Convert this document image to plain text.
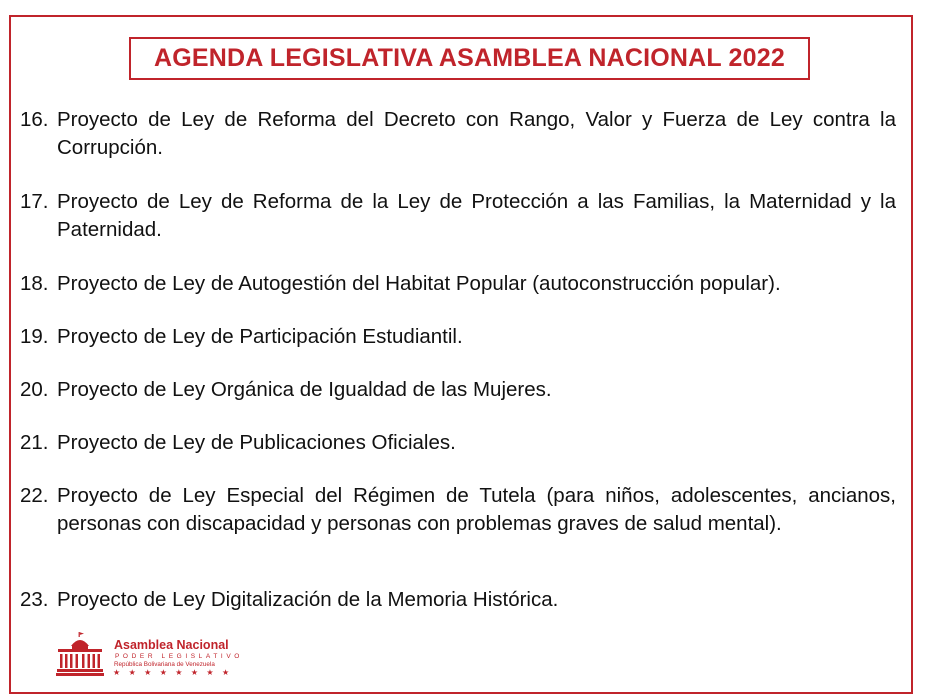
AGENDA LEGISLATIVA ASAMBLEA NACIONAL 2022
16. Proyecto de Ley de Reforma del Decreto con Rango, Valor y Fuerza de Ley contra la Corrupción.
17. Proyecto de Ley de Reforma de la Ley de Protección a las Familias, la Maternidad y la Paternidad.
18. Proyecto de Ley de Autogestión del Habitat Popular (autoconstrucción popular).
19. Proyecto de Ley de Participación Estudiantil.
20. Proyecto de Ley Orgánica de Igualdad de las Mujeres.
21. Proyecto de Ley de Publicaciones Oficiales.
22. Proyecto de Ley Especial del Régimen de Tutela (para niños, adolescentes, ancianos, personas con discapacidad y personas con problemas graves de salud mental).
23. Proyecto de Ley Digitalización de la Memoria Histórica.
Asamblea Nacional
PODER LEGISLATIVO
República Bolivariana de Venezuela
★★★★★★★★
